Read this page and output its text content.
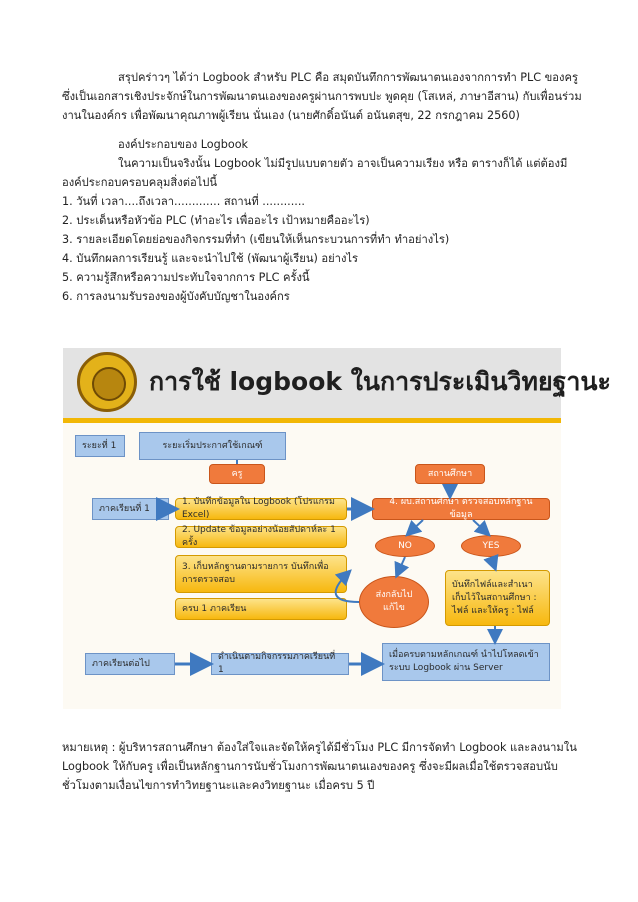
สรุปคร่าวๆ ได้ว่า Logbook สำหรับ PLC คือ สมุดบันทึกการพัฒนาตนเองจากการทำ PLC ของครูซึ่งเป็นเอกสารเชิงประจักษ์ในการพัฒนาตนเองของครูผ่านการพบปะ พูดคุย (โสเหล่, ภาษาอีสาน) กับเพื่อนร่วมงานในองค์กร เพื่อพัฒนาคุณภาพผู้เรียน นั่นเอง (นายศักดิ์อนันต์ อนันตสุข, 22 กรกฎาคม 2560)

องค์ประกอบของ Logbook

ในความเป็นจริงนั้น Logbook ไม่มีรูปแบบตายตัว อาจเป็นความเรียง หรือ ตารางก็ได้ แต่ต้องมีองค์ประกอบครอบคลุมสิ่งต่อไปนี้

1. วันที่ เวลา....ถึงเวลา............. สถานที่ ............

2. ประเด็นหรือหัวข้อ PLC (ทำอะไร เพื่ออะไร เป้าหมายคืออะไร)

3. รายละเอียดโดยย่อของกิจกรรมที่ทำ (เขียนให้เห็นกระบวนการที่ทำ ทำอย่างไร)

4. บันทึกผลการเรียนรู้ และจะนำไปใช้ (พัฒนาผู้เรียน) อย่างไร

5. ความรู้สึกหรือความประทับใจจากการ PLC ครั้งนี้

6. การลงนามรับรองของผู้บังคับบัญชาในองค์กร

การใช้ logbook ในการประเมินวิทยฐานะ
ระยะที่ 1	ระยะเริ่มประกาศใช้เกณฑ์
ครู	สถานศึกษา
ภาคเรียนที่ 1
1. บันทึกข้อมูลใน Logbook (โปรแกรม Excel)
2. Update ข้อมูลอย่างน้อยสัปดาห์ละ 1 ครั้ง
3. เก็บหลักฐานตามรายการ บันทึกเพื่อการตรวจสอบ
ครบ 1 ภาคเรียน
4. ผบ.สถานศึกษา ตรวจสอบหลักฐานข้อมูล
NO	YES
ส่งกลับไปแก้ไข
บันทึกไฟล์และสำเนาเก็บไว้ในสถานศึกษา : ไฟล์ และให้ครู : ไฟล์
ภาคเรียนต่อไป
ดำเนินตามกิจกรรมภาคเรียนที่ 1
เมื่อครบตามหลักเกณฑ์ นำไปโหลดเข้าระบบ Logbook ผ่าน Server

หมายเหตุ : ผู้บริหารสถานศึกษา ต้องใส่ใจและจัดให้ครูได้มีชั่วโมง PLC มีการจัดทำ Logbook และลงนามใน Logbook ให้กับครู เพื่อเป็นหลักฐานการนับชั่วโมงการพัฒนาตนเองของครู ซึ่งจะมีผลเมื่อใช้ตรวจสอบนับชั่วโมงตามเงื่อนไขการทำวิทยฐานะและคงวิทยฐานะ เมื่อครบ 5 ปี
